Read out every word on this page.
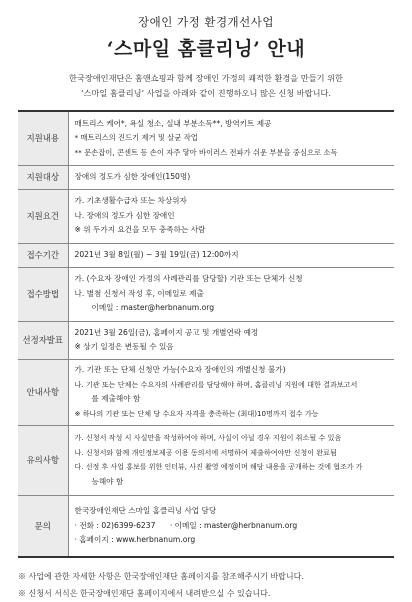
장애인 가정 환경개선사업
‘스마일 홈클리닝’ 안내
한국장애인재단은 홈앤쇼핑과 함께 장애인 가정의 쾌적한 환경을 만들기 위한
‘스마일 홈클리닝’ 사업을 아래와 같이 진행하오니 많은 신청 바랍니다.
지원내용	매트리스 케어*, 욕실 청소, 실내 부분소독**, 방역키트 제공
* 매트리스의 진드기 제거 및 살균 작업
** 문손잡이, 콘센트 등 손이 자주 닿아 바이러스 전파가 쉬운 부분을 중심으로 소독

지원대상	장애의 정도가 심한 장애인(150명)

지원요건	가. 기초생활수급자 또는 차상위자
나. 장애의 정도가 심한 장애인
※ 위 두가지 요건을 모두 충족하는 사람

접수기간	2021년 3월 8일(월) ~ 3월 19일(금) 12:00까지

접수방법	가. (수요자 장애인 가정의 사례관리를 담당할) 기관 또는 단체가 신청
나. 별첨 신청서 작성 후, 이메일로 제출
이메일 : master@herbnanum.org

선정자발표	2021년 3월 26일(금), 홈페이지 공고 및 개별연락 예정
※ 상기 일정은 변동될 수 있음

안내사항	가. 기관 또는 단체 신청만 가능(수요자 장애인의 개별신청 불가)
나. 기관 또는 단체는 수요자의 사례관리를 담당해야 하며, 홈클리닝 지원에 대한 결과보고서
를 제출해야 함
※ 하나의 기관 또는 단체 당 수요자 자격을 충족하는 (최대)10명까지 접수 가능

유의사항	가. 신청서 작성 시 사실만을 작성하여야 하며, 사실이 아닐 경우 지원이 취소될 수 있음
나. 신청서와 함께 개인정보제공 이용 동의서에 서명하여 제출하여야만 신청이 완료됨
다. 선정 후 사업 홍보를 위한 인터뷰, 사진 촬영 예정이며 해당 내용을 공개하는 것에 협조가 가
능해야 함

문의	한국장애인재단 스마일 홈클리닝 사업 담당
· 전화 : 02)6399-6237 · 이메일 : master@herbnanum.org
· 홈페이지 : www.herbnanum.org
※ 사업에 관한 자세한 사항은 한국장애인재단 홈페이지를 참조해주시기 바랍니다.
※ 신청서 서식은 한국장애인재단 홈페이지에서 내려받으실 수 있습니다.
